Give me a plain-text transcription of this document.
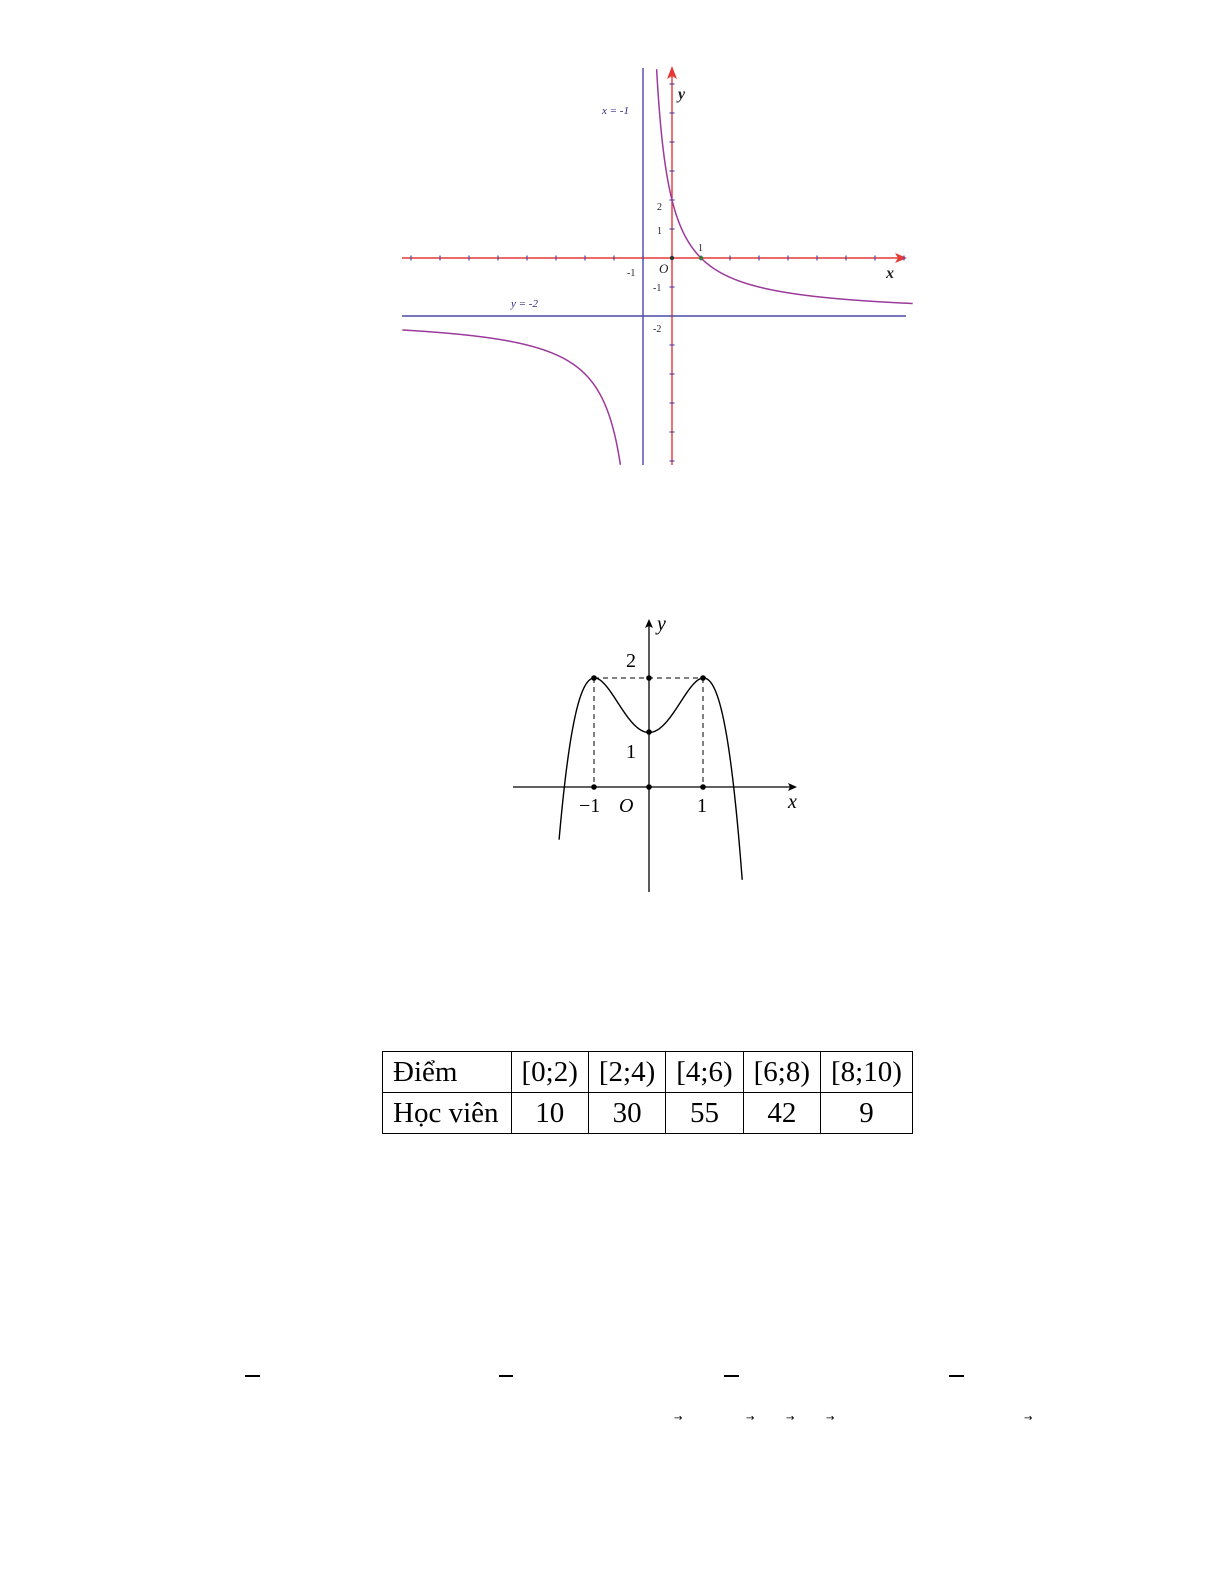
x = -1
y = -2
x
y
O
1
-1
2
1
-1
-2
x
y
O
−1	1
2
1
Điểm	[0;2)	[2;4)	[4;6)	[6;8)	[8;10)
Học viên	10	30	55	42	9
→	→	→	→	→
